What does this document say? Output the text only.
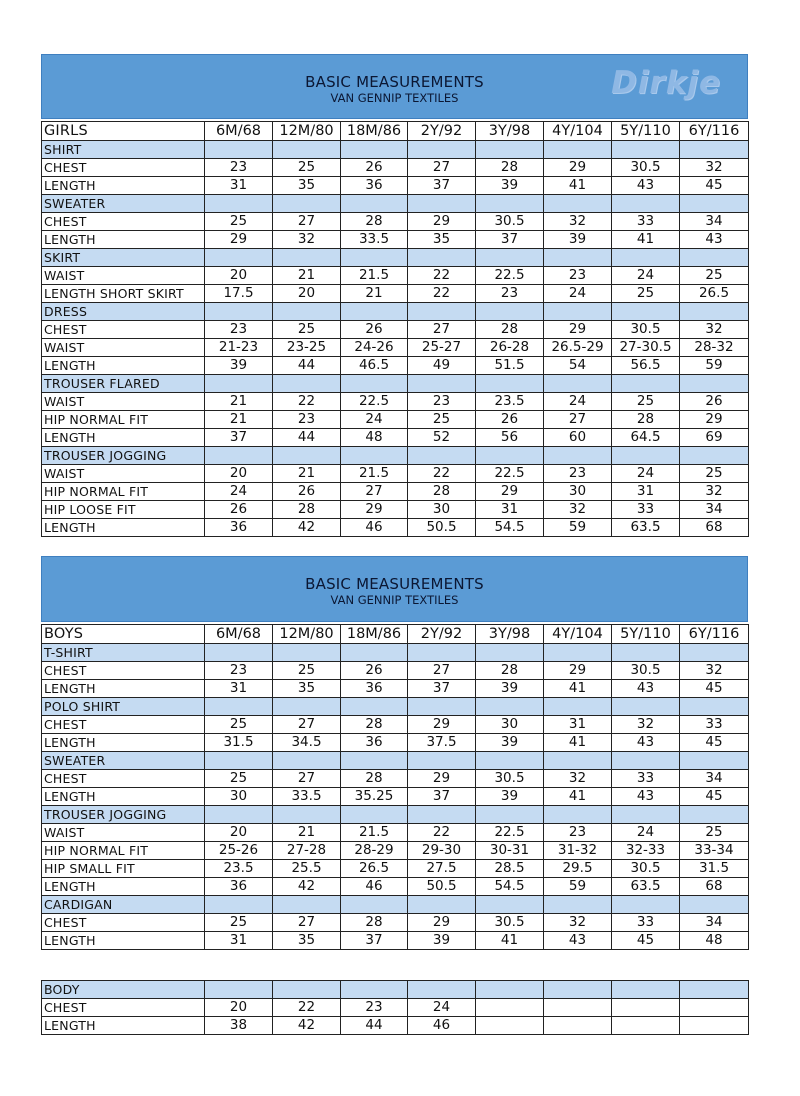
BASIC MEASUREMENTS
VAN GENNIP TEXTILES	Dirkje
GIRLS	6M/68	12M/80	18M/86	2Y/92	3Y/98	4Y/104	5Y/110	6Y/116
SHIRT								
CHEST	23	25	26	27	28	29	30.5	32
LENGTH	31	35	36	37	39	41	43	45
SWEATER								
CHEST	25	27	28	29	30.5	32	33	34
LENGTH	29	32	33.5	35	37	39	41	43
SKIRT								
WAIST	20	21	21.5	22	22.5	23	24	25
LENGTH SHORT SKIRT	17.5	20	21	22	23	24	25	26.5
DRESS								
CHEST	23	25	26	27	28	29	30.5	32
WAIST	21-23	23-25	24-26	25-27	26-28	26.5-29	27-30.5	28-32
LENGTH	39	44	46.5	49	51.5	54	56.5	59
TROUSER FLARED								
WAIST	21	22	22.5	23	23.5	24	25	26
HIP NORMAL FIT	21	23	24	25	26	27	28	29
LENGTH	37	44	48	52	56	60	64.5	69
TROUSER JOGGING								
WAIST	20	21	21.5	22	22.5	23	24	25
HIP NORMAL FIT	24	26	27	28	29	30	31	32
HIP LOOSE FIT	26	28	29	30	31	32	33	34
LENGTH	36	42	46	50.5	54.5	59	63.5	68
BASIC MEASUREMENTS
VAN GENNIP TEXTILES
BOYS	6M/68	12M/80	18M/86	2Y/92	3Y/98	4Y/104	5Y/110	6Y/116
T-SHIRT								
CHEST	23	25	26	27	28	29	30.5	32
LENGTH	31	35	36	37	39	41	43	45
POLO SHIRT								
CHEST	25	27	28	29	30	31	32	33
LENGTH	31.5	34.5	36	37.5	39	41	43	45
SWEATER								
CHEST	25	27	28	29	30.5	32	33	34
LENGTH	30	33.5	35.25	37	39	41	43	45
TROUSER JOGGING								
WAIST	20	21	21.5	22	22.5	23	24	25
HIP NORMAL FIT	25-26	27-28	28-29	29-30	30-31	31-32	32-33	33-34
HIP SMALL FIT	23.5	25.5	26.5	27.5	28.5	29.5	30.5	31.5
LENGTH	36	42	46	50.5	54.5	59	63.5	68
CARDIGAN								
CHEST	25	27	28	29	30.5	32	33	34
LENGTH	31	35	37	39	41	43	45	48
BODY								
CHEST	20	22	23	24				
LENGTH	38	42	44	46				
